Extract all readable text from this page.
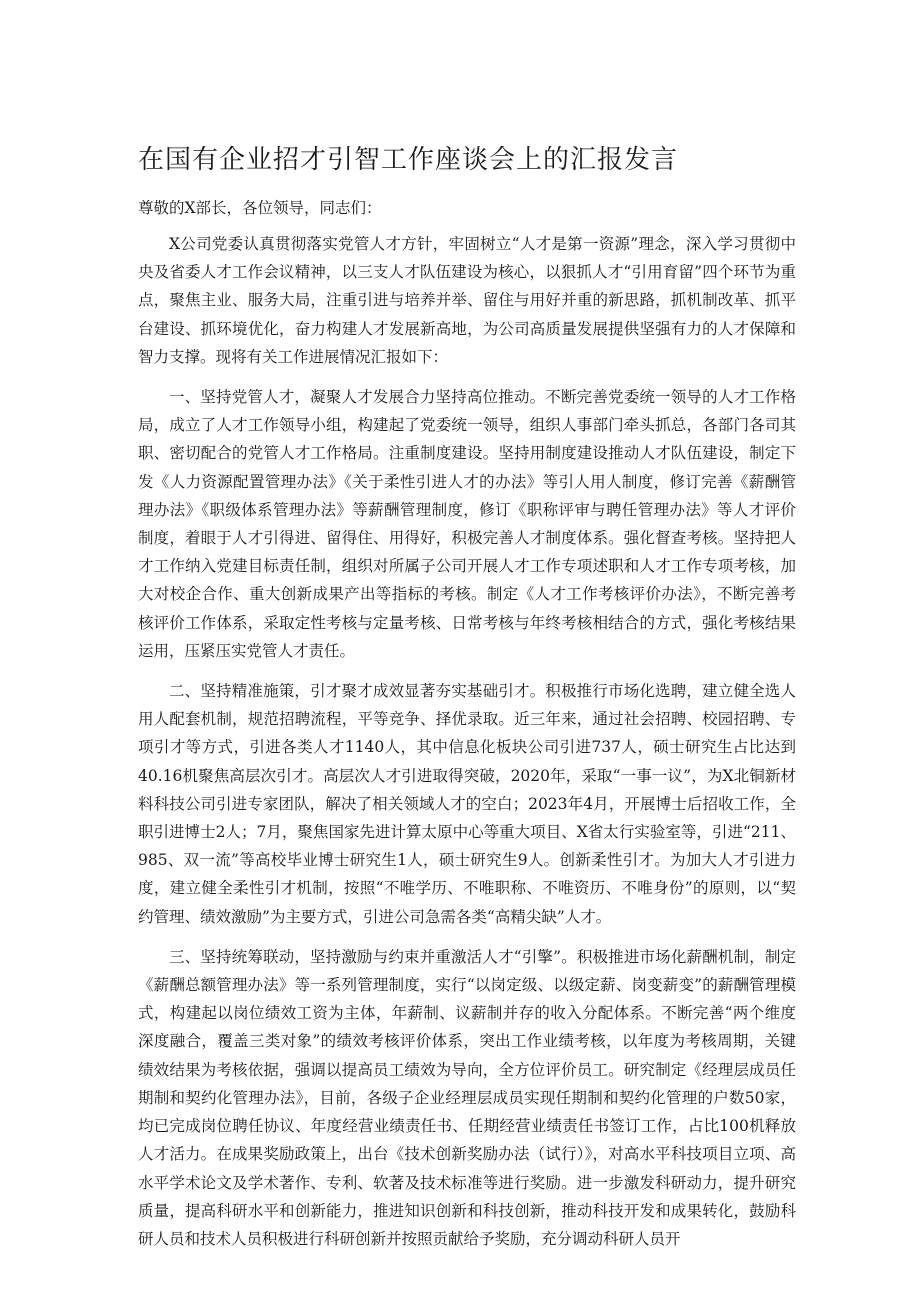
在国有企业招才引智工作座谈会上的汇报发言

尊敬的X部长，各位领导，同志们：

X公司党委认真贯彻落实党管人才方针，牢固树立“人才是第一资源”理念，深入学习贯彻中央及省委人才工作会议精神，以三支人才队伍建设为核心，以狠抓人才“引用育留”四个环节为重点，聚焦主业、服务大局，注重引进与培养并举、留住与用好并重的新思路，抓机制改革、抓平台建设、抓环境优化，奋力构建人才发展新高地，为公司高质量发展提供坚强有力的人才保障和智力支撑。现将有关工作进展情况汇报如下：

一、坚持党管人才，凝聚人才发展合力坚持高位推动。不断完善党委统一领导的人才工作格局，成立了人才工作领导小组，构建起了党委统一领导，组织人事部门牵头抓总，各部门各司其职、密切配合的党管人才工作格局。注重制度建设。坚持用制度建设推动人才队伍建设，制定下发《人力资源配置管理办法》《关于柔性引进人才的办法》等引人用人制度，修订完善《薪酬管理办法》《职级体系管理办法》等薪酬管理制度，修订《职称评审与聘任管理办法》等人才评价制度，着眼于人才引得进、留得住、用得好，积极完善人才制度体系。强化督查考核。坚持把人才工作纳入党建目标责任制，组织对所属子公司开展人才工作专项述职和人才工作专项考核，加大对校企合作、重大创新成果产出等指标的考核。制定《人才工作考核评价办法》，不断完善考核评价工作体系，采取定性考核与定量考核、日常考核与年终考核相结合的方式，强化考核结果运用，压紧压实党管人才责任。

二、坚持精准施策，引才聚才成效显著夯实基础引才。积极推行市场化选聘，建立健全选人用人配套机制，规范招聘流程，平等竞争、择优录取。近三年来，通过社会招聘、校园招聘、专项引才等方式，引进各类人才1140人，其中信息化板块公司引进737人，硕士研究生占比达到40.16机聚焦高层次引才。高层次人才引进取得突破，2020年，采取“一事一议”，为X北铜新材料科技公司引进专家团队，解决了相关领域人才的空白；2023年4月，开展博士后招收工作，全职引进博士2人；7月，聚焦国家先进计算太原中心等重大项目、X省太行实验室等，引进“211、985、双一流”等高校毕业博士研究生1人，硕士研究生9人。创新柔性引才。为加大人才引进力度，建立健全柔性引才机制，按照“不唯学历、不唯职称、不唯资历、不唯身份”的原则，以“契约管理、绩效激励”为主要方式，引进公司急需各类“高精尖缺”人才。

三、坚持统筹联动，坚持激励与约束并重激活人才“引擎”。积极推进市场化薪酬机制，制定《薪酬总额管理办法》等一系列管理制度，实行“以岗定级、以级定薪、岗变薪变”的薪酬管理模式，构建起以岗位绩效工资为主体，年薪制、议薪制并存的收入分配体系。不断完善“两个维度深度融合，覆盖三类对象”的绩效考核评价体系，突出工作业绩考核，以年度为考核周期，关键绩效结果为考核依据，强调以提高员工绩效为导向，全方位评价员工。研究制定《经理层成员任期制和契约化管理办法》，目前，各级子企业经理层成员实现任期制和契约化管理的户数50家，均已完成岗位聘任协议、年度经营业绩责任书、任期经营业绩责任书签订工作，占比100机释放人才活力。在成果奖励政策上，出台《技术创新奖励办法（试行）》，对高水平科技项目立项、高水平学术论文及学术著作、专利、软著及技术标准等进行奖励。进一步激发科研动力，提升研究质量，提高科研水平和创新能力，推进知识创新和科技创新，推动科技开发和成果转化，鼓励科研人员和技术人员积极进行科研创新并按照贡献给予奖励，充分调动科研人员开
